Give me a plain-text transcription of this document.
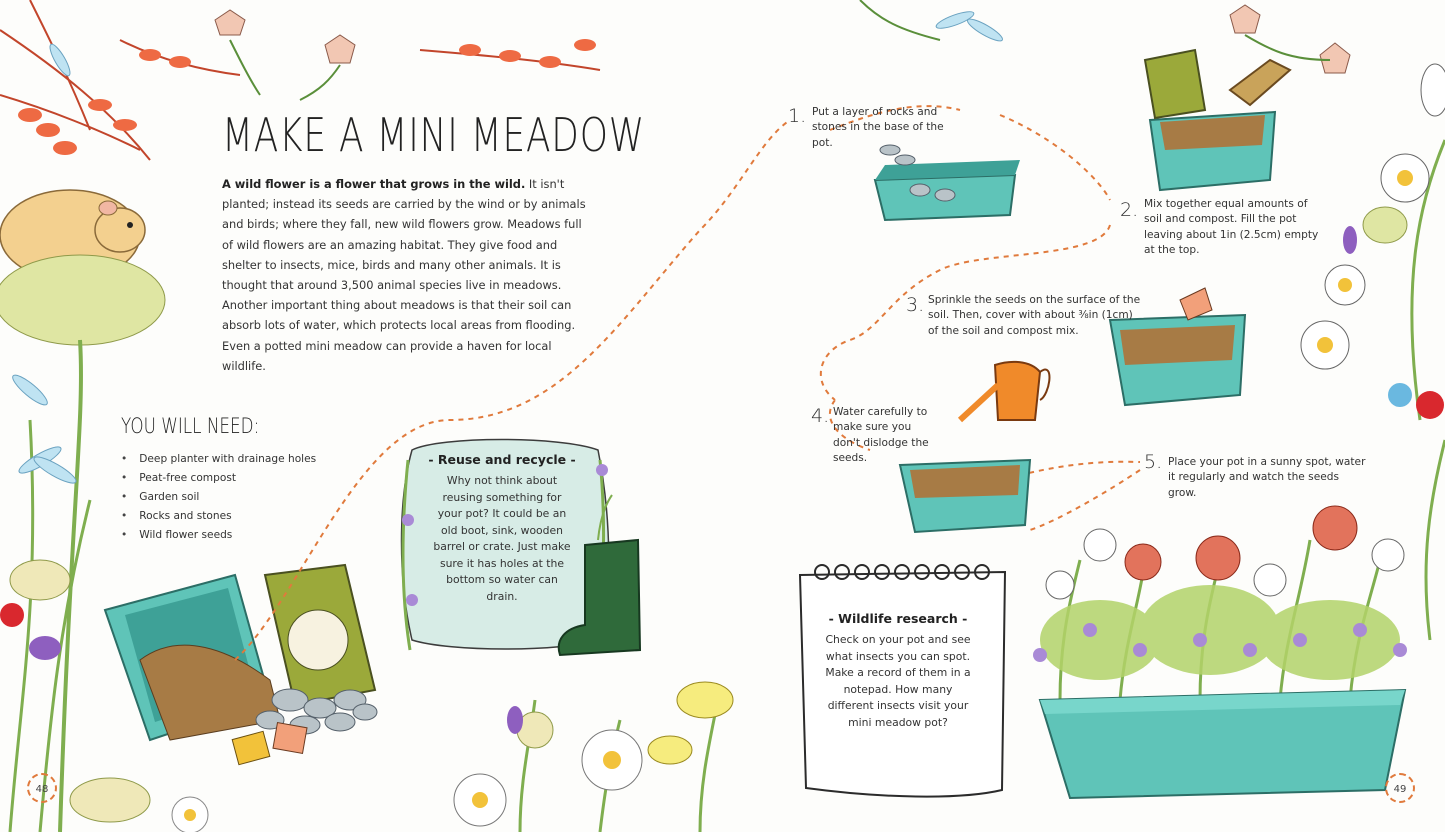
MAKE A MINI MEADOW

A wild flower is a flower that grows in the wild. It isn't planted; instead its seeds are carried by the wind or by animals and birds; where they fall, new wild flowers grow. Meadows full of wild flowers are an amazing habitat. They give food and shelter to insects, mice, birds and many other animals. It is thought that around 3,500 animal species live in meadows. Another important thing about meadows is that their soil can absorb lots of water, which protects local areas from flooding. Even a potted mini meadow can provide a haven for local wildlife.

YOU WILL NEED:
• Deep planter with drainage holes
• Peat-free compost
• Garden soil
• Rocks and stones
• Wild flower seeds

- Reuse and recycle -

Why not think about reusing something for your pot? It could be an old boot, sink, wooden barrel or crate. Just make sure it has holes at the bottom so water can drain.

48
1. Put a layer of rocks and stones in the base of the pot.
2. Mix together equal amounts of soil and compost. Fill the pot leaving about 1in (2.5cm) empty at the top.
3. Sprinkle the seeds on the surface of the soil. Then, cover with about ⅜in (1cm) of the soil and compost mix.
4. Water carefully to make sure you don't dislodge the seeds.	5. Place your pot in a sunny spot, water it regularly and watch the seeds grow.

- Wildlife research -

Check on your pot and see what insects you can spot. Make a record of them in a notepad. How many different insects visit your mini meadow pot?

49
